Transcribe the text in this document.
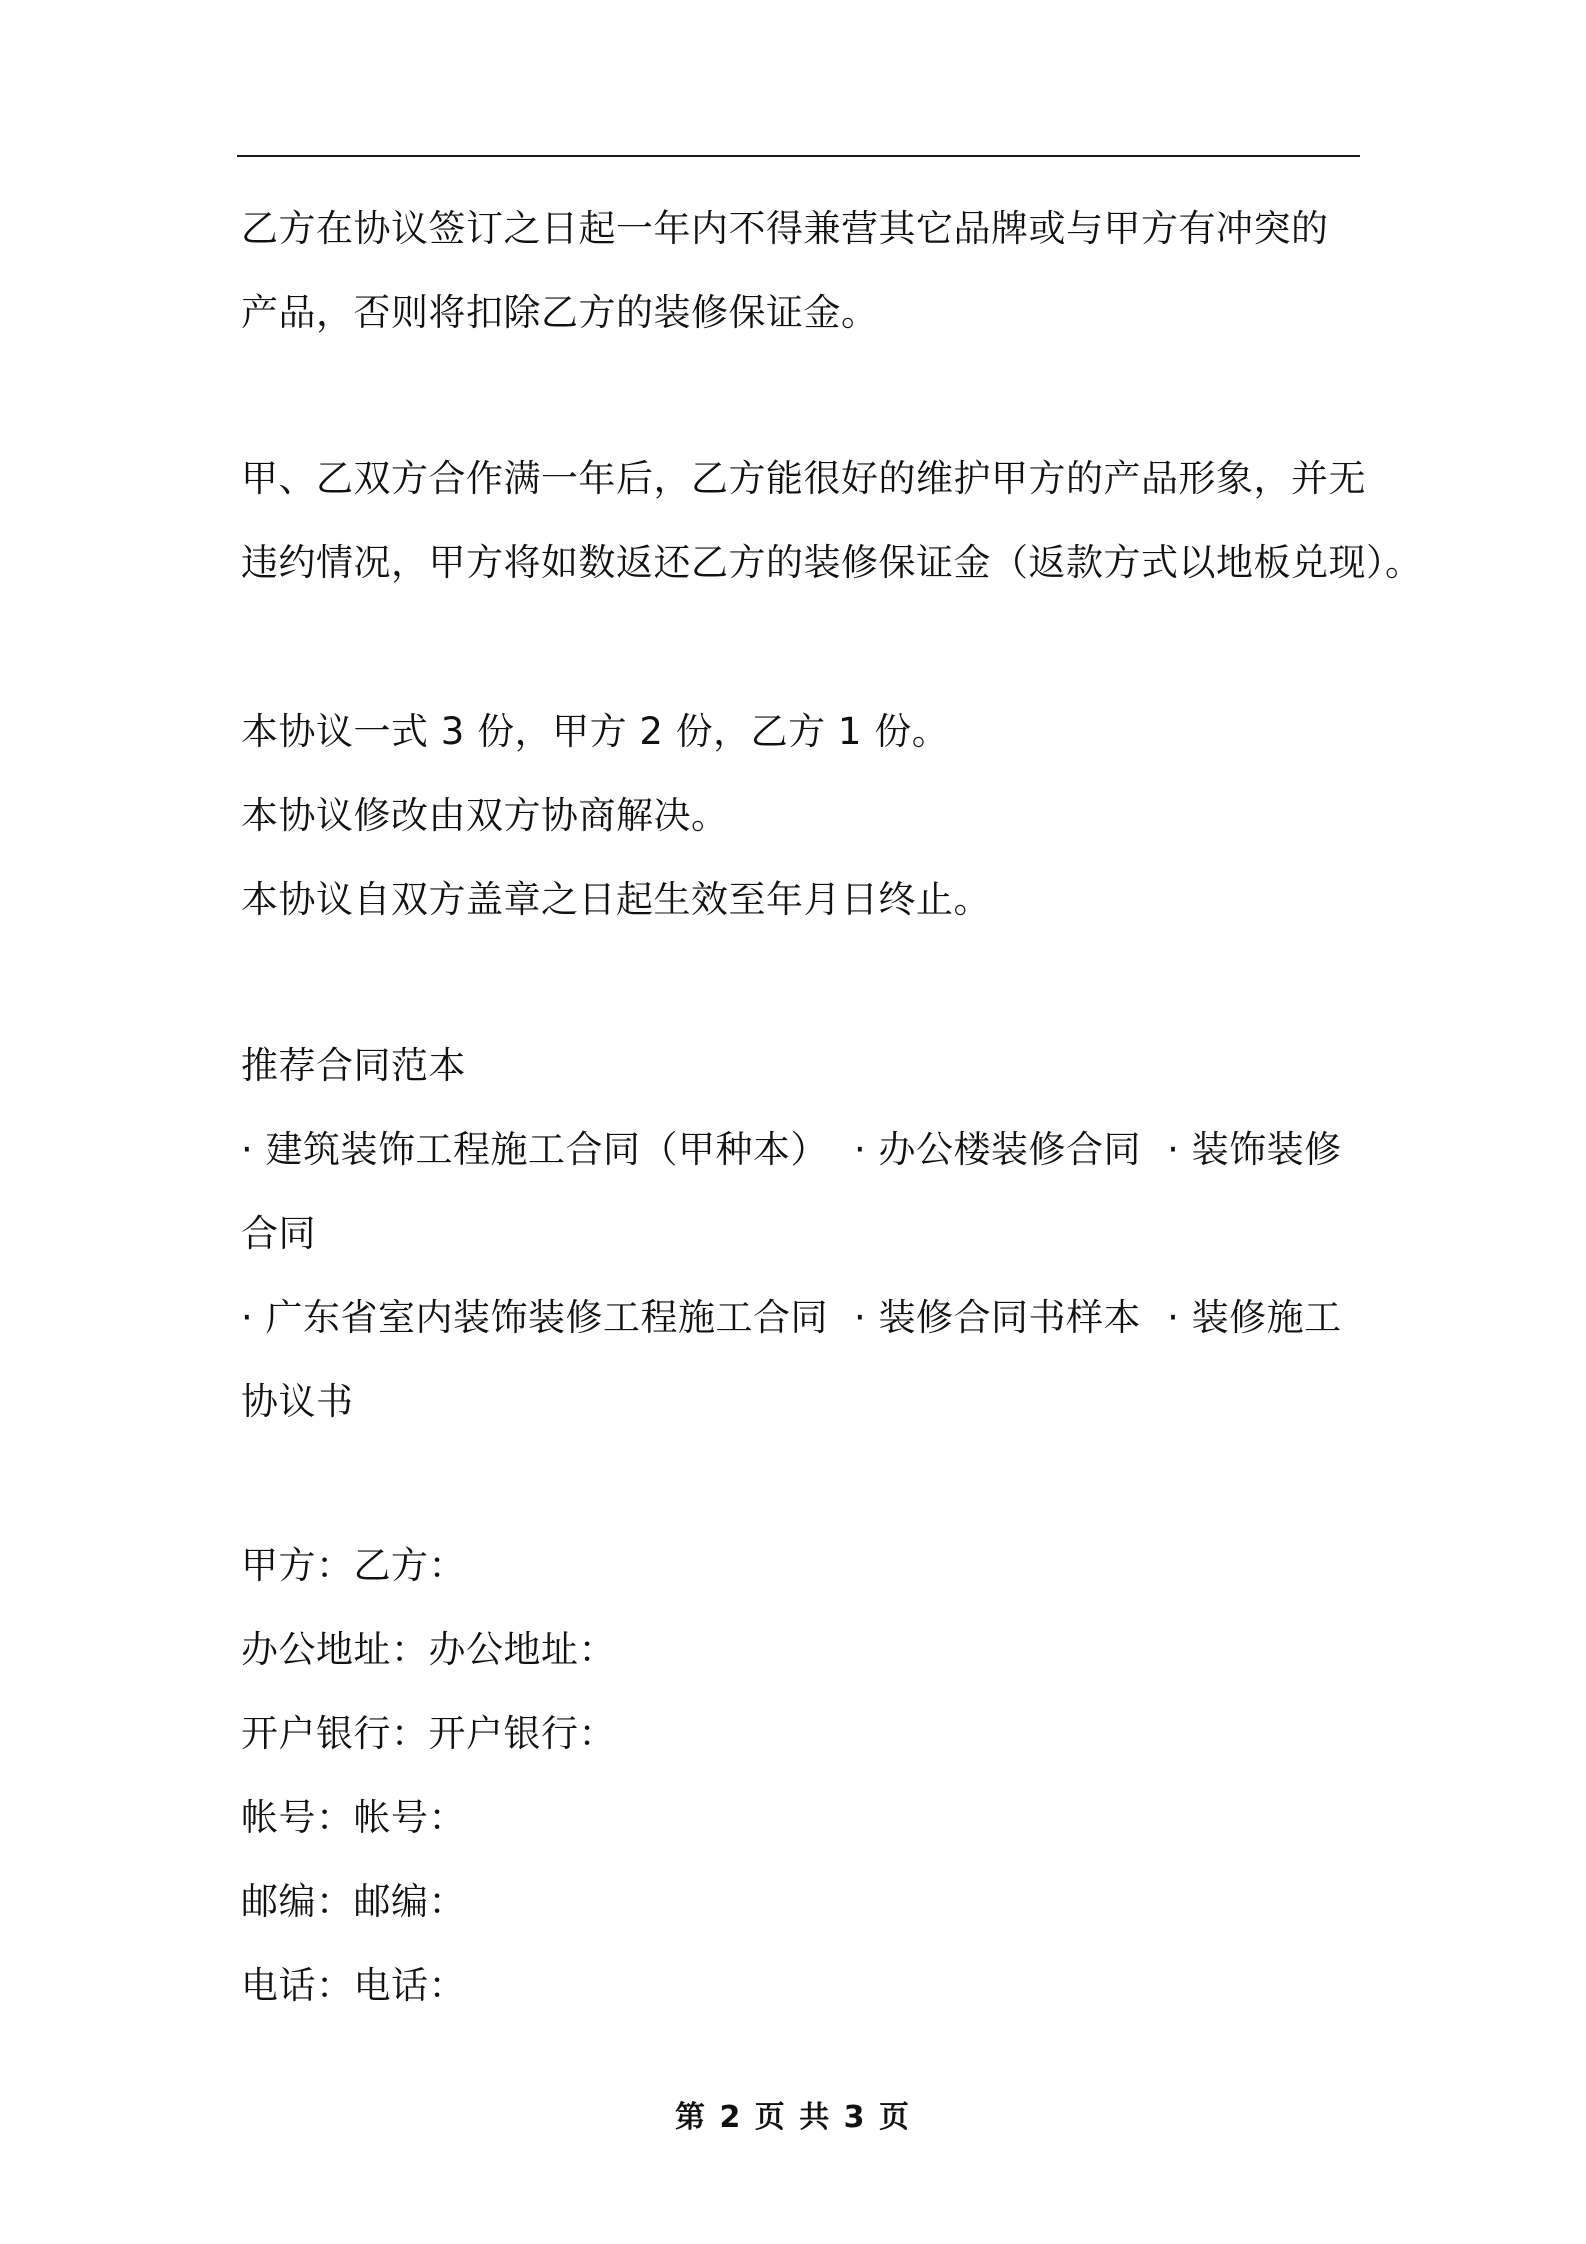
乙方在协议签订之日起一年内不得兼营其它品牌或与甲方有冲突的
产品，否则将扣除乙方的装修保证金。
甲、乙双方合作满一年后，乙方能很好的维护甲方的产品形象，并无
违约情况，甲方将如数返还乙方的装修保证金（返款方式以地板兑现）。
本协议一式 3 份，甲方 2 份，乙方 1 份。
本协议修改由双方协商解决。
本协议自双方盖章之日起生效至年月日终止。
推荐合同范本
· 建筑装饰工程施工合同（甲种本） · 办公楼装修合同 · 装饰装修
合同
· 广东省室内装饰装修工程施工合同 · 装修合同书样本 · 装修施工
协议书
甲方：乙方：
办公地址：办公地址：
开户银行：开户银行：
帐号：帐号：
邮编：邮编：
电话：电话：
第 2 页 共 3 页
